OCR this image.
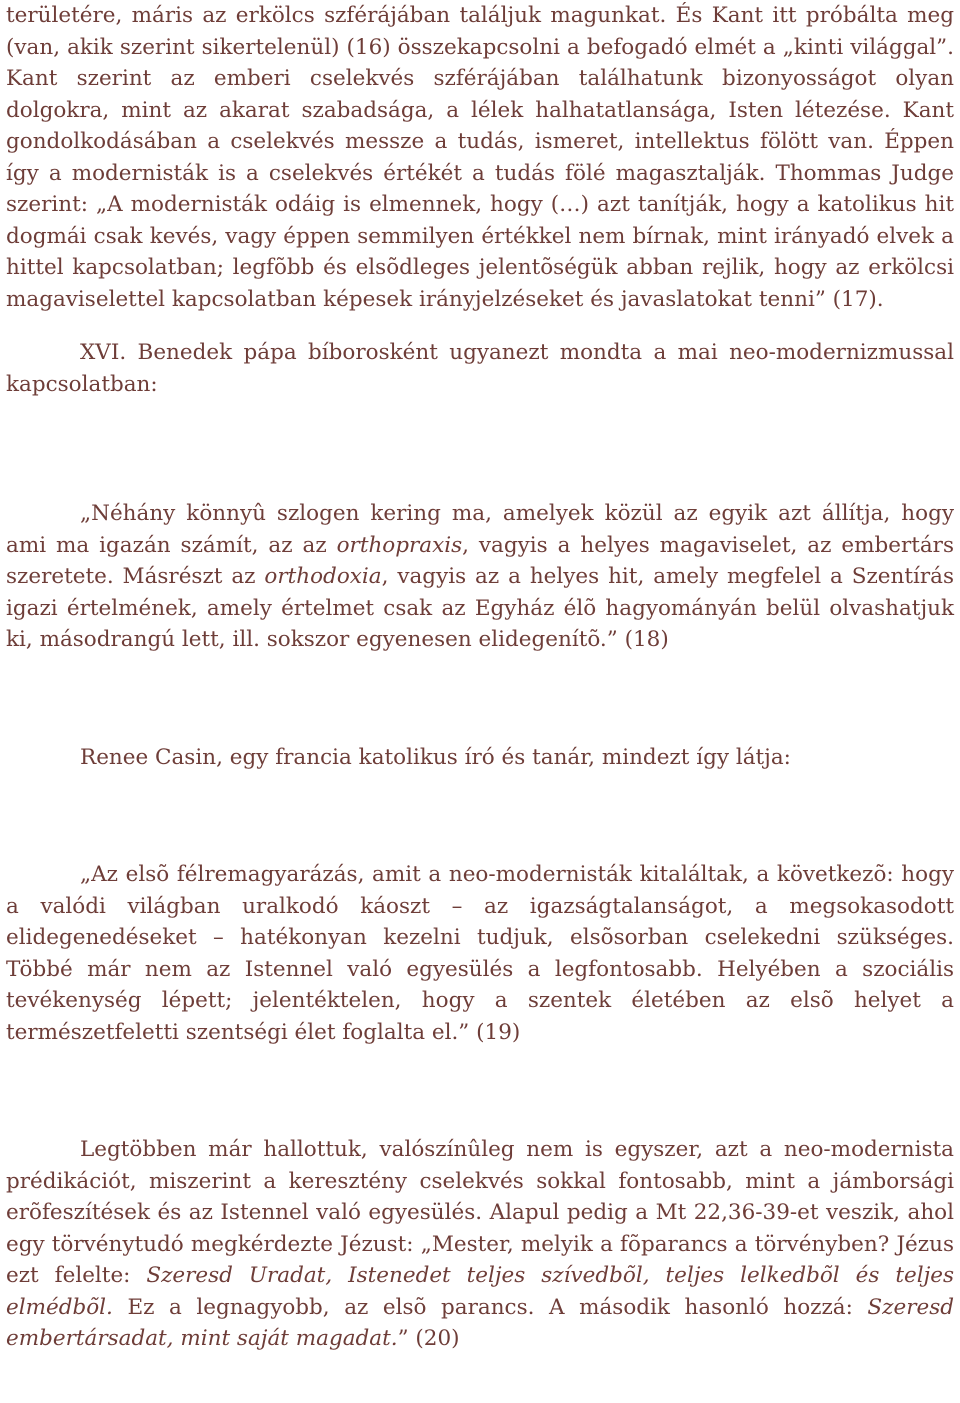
területére, máris az erkölcs szférájában találjuk magunkat. És Kant itt próbálta meg (van, akik szerint sikertelenül) (16) összekapcsolni a befogadó elmét a „kinti világgal”. Kant szerint az emberi cselekvés szférájában találhatunk bizonyosságot olyan dolgokra, mint az akarat szabadsága, a lélek halhatatlansága, Isten létezése. Kant gondolkodásában a cselekvés messze a tudás, ismeret, intellektus fölött van. Éppen így a modernisták is a cselekvés értékét a tudás fölé magasztalják. Thommas Judge szerint: „A modernisták odáig is elmennek, hogy (…) azt tanítják, hogy a katolikus hit dogmái csak kevés, vagy éppen semmilyen értékkel nem bírnak, mint irányadó elvek a hittel kapcsolatban; legfõbb és elsõdleges jelentõségük abban rejlik, hogy az erkölcsi magaviselettel kapcsolatban képesek irányjelzéseket és javaslatokat tenni” (17).

XVI. Benedek pápa bíborosként ugyanezt mondta a mai neo-modernizmussal kapcsolatban:

„Néhány könnyû szlogen kering ma, amelyek közül az egyik azt állítja, hogy ami ma igazán számít, az az orthopraxis, vagyis a helyes magaviselet, az embertárs szeretete. Másrészt az orthodoxia, vagyis az a helyes hit, amely megfelel a Szentírás igazi értelmének, amely értelmet csak az Egyház élõ hagyományán belül olvashatjuk ki, másodrangú lett, ill. sokszor egyenesen elidegenítõ.” (18)

Renee Casin, egy francia katolikus író és tanár, mindezt így látja:

„Az elsõ félremagyarázás, amit a neo-modernisták kitaláltak, a következõ: hogy a valódi világban uralkodó káoszt – az igazságtalanságot, a megsokasodott elidegenedéseket – hatékonyan kezelni tudjuk, elsõsorban cselekedni szükséges. Többé már nem az Istennel való egyesülés a legfontosabb. Helyében a szociális tevékenység lépett; jelentéktelen, hogy a szentek életében az elsõ helyet a természetfeletti szentségi élet foglalta el.” (19)

Legtöbben már hallottuk, valószínûleg nem is egyszer, azt a neo-modernista prédikációt, miszerint a keresztény cselekvés sokkal fontosabb, mint a jámborsági erõfeszítések és az Istennel való egyesülés. Alapul pedig a Mt 22,36-39-et veszik, ahol egy törvénytudó megkérdezte Jézust: „Mester, melyik a fõparancs a törvényben? Jézus ezt felelte: Szeresd Uradat, Istenedet teljes szívedbõl, teljes lelkedbõl és teljes elmédbõl. Ez a legnagyobb, az elsõ parancs. A második hasonló hozzá: Szeresd embertársadat, mint saját magadat.” (20)
